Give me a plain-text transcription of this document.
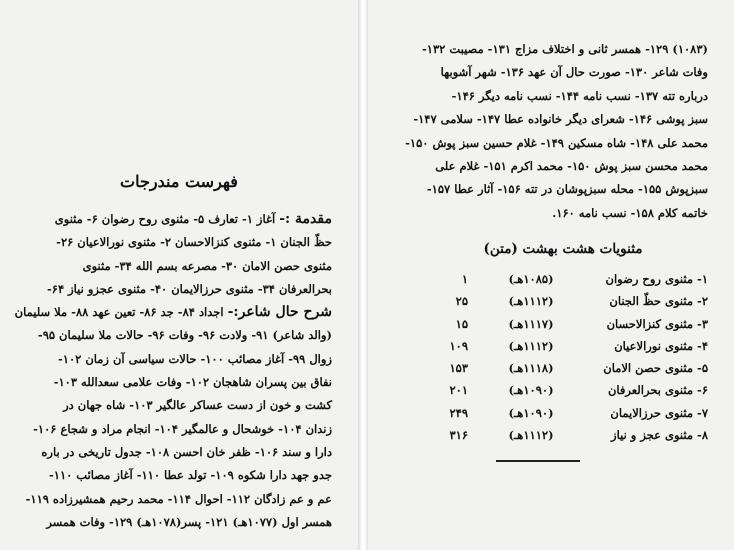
فهرست مندرجات
مقدمة :-آغاز ۱- تعارف ۵- مثنوی روح رضوان ۶- مثنوی
حظّ الجنان ۱- مثنوی کنزالاحسان ۲- مثنوی نورالاعیان ۲۶-
مثنوی حصن الامان ۳۰- مصرعه بسم الله ۳۴- مثنوی
بحرالعرفان ۳۴- مثنوی حرزالایمان ۴۰- مثنوی عجزو نیاز ۶۴-
شرح حال شاعر:-اجداد ۸۴- جد ۸۶- تعین عهد ۸۸- ملا سلیمان
(والد شاعر) ۹۱- ولادت ۹۶- وفات ۹۶- حالات ملا سلیمان ۹۵-
زوال ۹۹- آغاز مصائب ۱۰۰- حالات سیاسی آن زمان ۱۰۲-
نفاق بین پسران شاهجان ۱۰۲- وفات علامی سعدالله ۱۰۳-
کشت و خون از دست عساکر عالگیر ۱۰۳- شاه جهان در
زندان ۱۰۴- خوشحال و عالمگیر ۱۰۴- انجام مراد و شجاع ۱۰۶-
دارا و سند ۱۰۶- ظفر خان احسن ۱۰۸- جدول تاریخی در باره
جدو جهد دارا شکوه ۱۰۹- تولد عطا ۱۱۰- آغاز مصائب ۱۱۰-
عم و عم زادگان ۱۱۲- احوال ۱۱۴- محمد رحیم همشیرزاده ۱۱۹-
همسر اول (۱۰۷۷هـ) ۱۲۱- پسر(۱۰۷۸هـ) ۱۲۹- وفات همسر
(۱۰۸۳) ۱۲۹- همسر ثانی و اختلاف مزاج ۱۳۱- مصیبت ۱۳۲-
وفات شاعر ۱۳۰- صورت حال آن عهد ۱۳۶- شهر آشوبها
درباره تته ۱۳۷- نسب نامه ۱۴۴- نسب نامه دیگر ۱۴۶-
سبز پوشی ۱۴۶- شعرای دیگر خانواده عطا ۱۴۷- سلامی ۱۴۷-
محمد علی ۱۴۸- شاه مسکین ۱۴۹- غلام حسین سبز پوش ۱۵۰-
محمد محسن سبز پوش ۱۵۰- محمد اکرم ۱۵۱- غلام علی
سبزپوش ۱۵۵- محله سبزپوشان در تته ۱۵۶- آثار عطا ۱۵۷-
خاتمه کلام ۱۵۸- نسب نامه ۱۶۰.
مثنویات هشت بهشت (متن)
۱- مثنوی روح رضوان
(۱۰۸۵هـ)
۱
۲- مثنوی حظّ الجنان
(۱۱۱۲هـ)
۲۵
۳- مثنوی کنزالاحسان
(۱۱۱۷هـ)
۱۵
۴- مثنوی نورالاعیان
(۱۱۱۲هـ)
۱۰۹
۵- مثنوی حصن الامان
(۱۱۱۸هـ)
۱۵۳
۶- مثنوی بحرالعرفان
(۱۰۹۰هـ)
۲۰۱
۷- مثنوی حرزالایمان
(۱۰۹۰هـ)
۲۴۹
۸- مثنوی عجز و نیاز
(۱۱۱۲هـ)
۳۱۶
